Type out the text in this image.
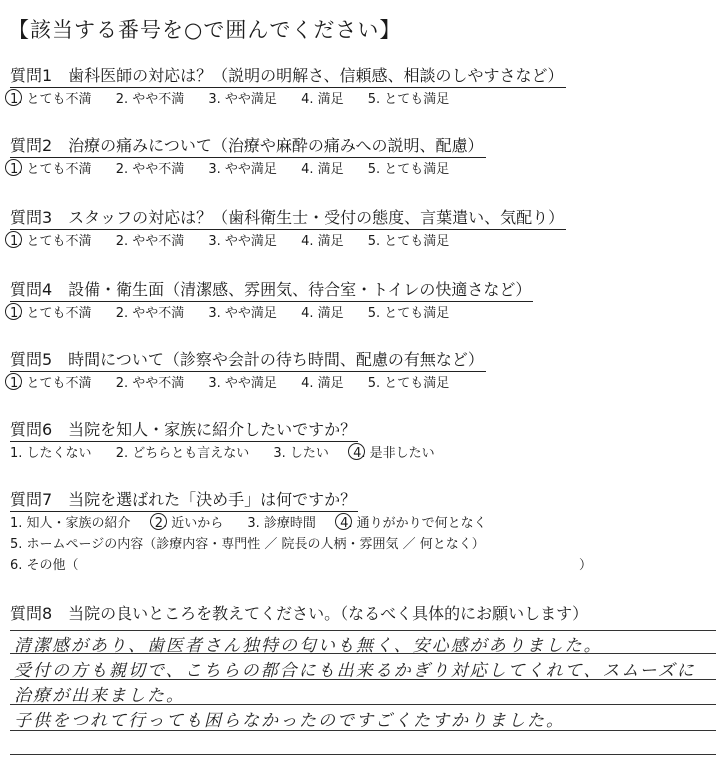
【該当する番号を○で囲んでください】
質問1　歯科医師の対応は？（説明の明解さ、信頼感、相談のしやすさなど）
1. とても不満 2. やや不満 3. やや満足 4. 満足 5. とても満足
質問2　治療の痛みについて（治療や麻酔の痛みへの説明、配慮）
1. とても不満 2. やや不満 3. やや満足 4. 満足 5. とても満足
質問3　スタッフの対応は？（歯科衛生士・受付の態度、言葉遣い、気配り）
1. とても不満 2. やや不満 3. やや満足 4. 満足 5. とても満足
質問4　設備・衛生面（清潔感、雰囲気、待合室・トイレの快適さなど）
1. とても不満 2. やや不満 3. やや満足 4. 満足 5. とても満足
質問5　時間について（診察や会計の待ち時間、配慮の有無など）
1. とても不満 2. やや不満 3. やや満足 4. 満足 5. とても満足
質問6　当院を知人・家族に紹介したいですか？
1. したくない 2. どちらとも言えない 3. したい 4. 是非したい
質問7　当院を選ばれた「決め手」は何ですか？
1. 知人・家族の紹介 2. 近いから 3. 診療時間 4. 通りがかりで何となく
5. ホームページの内容（診療内容・専門性 ／ 院長の人柄・雰囲気 ／ 何となく）
6. その他（	）
質問8　当院の良いところを教えてください。（なるべく具体的にお願いします）
清潔感があり、歯医者さん独特の匂いも無く、安心感がありました。
受付の方も親切で、こちらの都合にも出来るかぎり対応してくれて、スムーズに
治療が出来ました。
子供をつれて行っても困らなかったのですごくたすかりました。
